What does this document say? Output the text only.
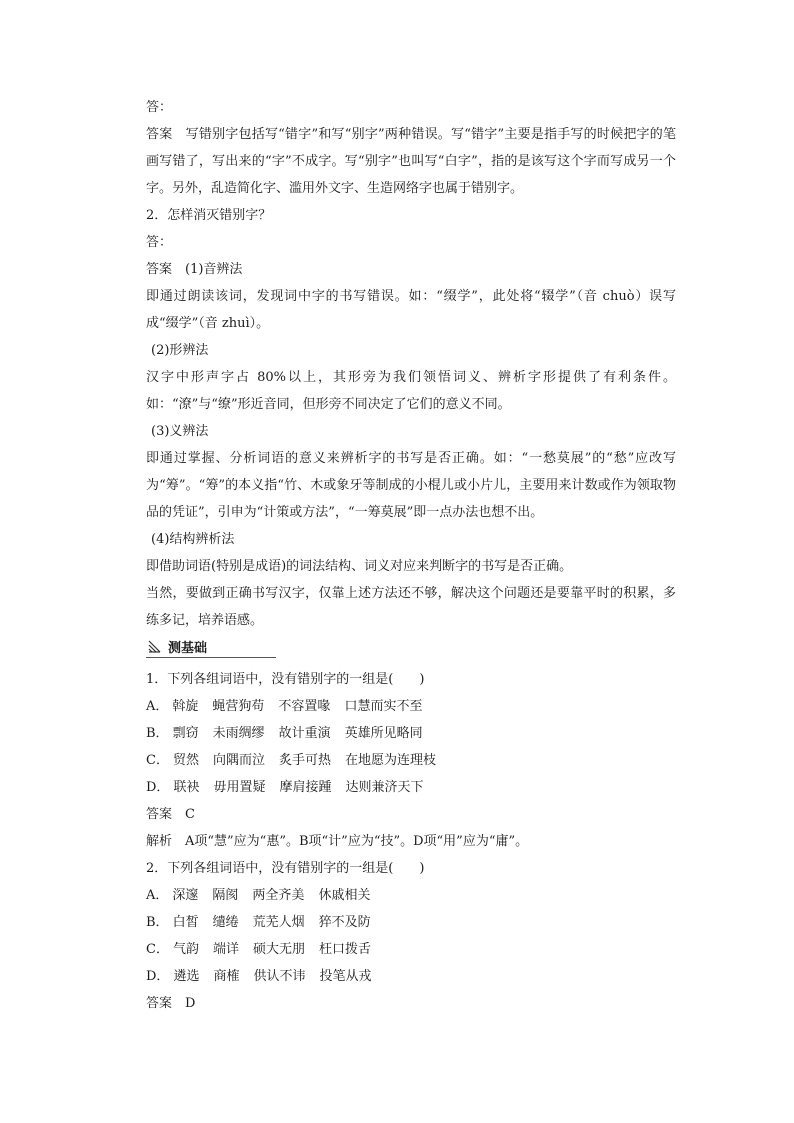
答：
答案　写错别字包括写“错字”和写“别字”两种错误。写“错字”主要是指手写的时候把字的笔画写错了，写出来的“字”不成字。写“别字”也叫写“白字”，指的是该写这个字而写成另一个字。另外，乱造简化字、滥用外文字、生造网络字也属于错别字。
2．怎样消灭错别字？
答：
答案　(1)音辨法
即通过朗读该词，发现词中字的书写错误。如：“缀学”，此处将“辍学”（音 chuò）误写成“缀学”（音 zhuì）。
(2)形辨法
汉字中形声字占 80%以上，其形旁为我们领悟词义、辨析字形提供了有利条件。如：“潦”与“缭”形近音同，但形旁不同决定了它们的意义不同。
(3)义辨法
即通过掌握、分析词语的意义来辨析字的书写是否正确。如：“一愁莫展”的“愁”应改写为“筹”。“筹”的本义指“竹、木或象牙等制成的小棍儿或小片儿，主要用来计数或作为领取物品的凭证”，引申为“计策或方法”，“一筹莫展”即一点办法也想不出。
(4)结构辨析法
即借助词语(特别是成语)的词法结构、词义对应来判断字的书写是否正确。
当然，要做到正确书写汉字，仅靠上述方法还不够，解决这个问题还是要靠平时的积累，多练多记，培养语感。
测基础
1．下列各组词语中，没有错别字的一组是(　　)
A． 斡旋 蝇营狗苟 不容置喙 口慧而实不至
B． 剽窃 未雨绸缪 故计重演 英雄所见略同
C． 贸然 向隅而泣 炙手可热 在地愿为连理枝
D． 联袂 毋用置疑 摩肩接踵 达则兼济天下
答案　C
解析　A项“慧”应为“惠”。B项“计”应为“技”。D项“用”应为“庸”。
2．下列各组词语中，没有错别字的一组是(　　)
A． 深邃 隔阂 两全齐美 休戚相关
B． 白皙 缱绻 荒芜人烟 猝不及防
C． 气韵 端详 硕大无朋 枉口拨舌
D． 遴选 商榷 供认不讳 投笔从戎
答案　D
